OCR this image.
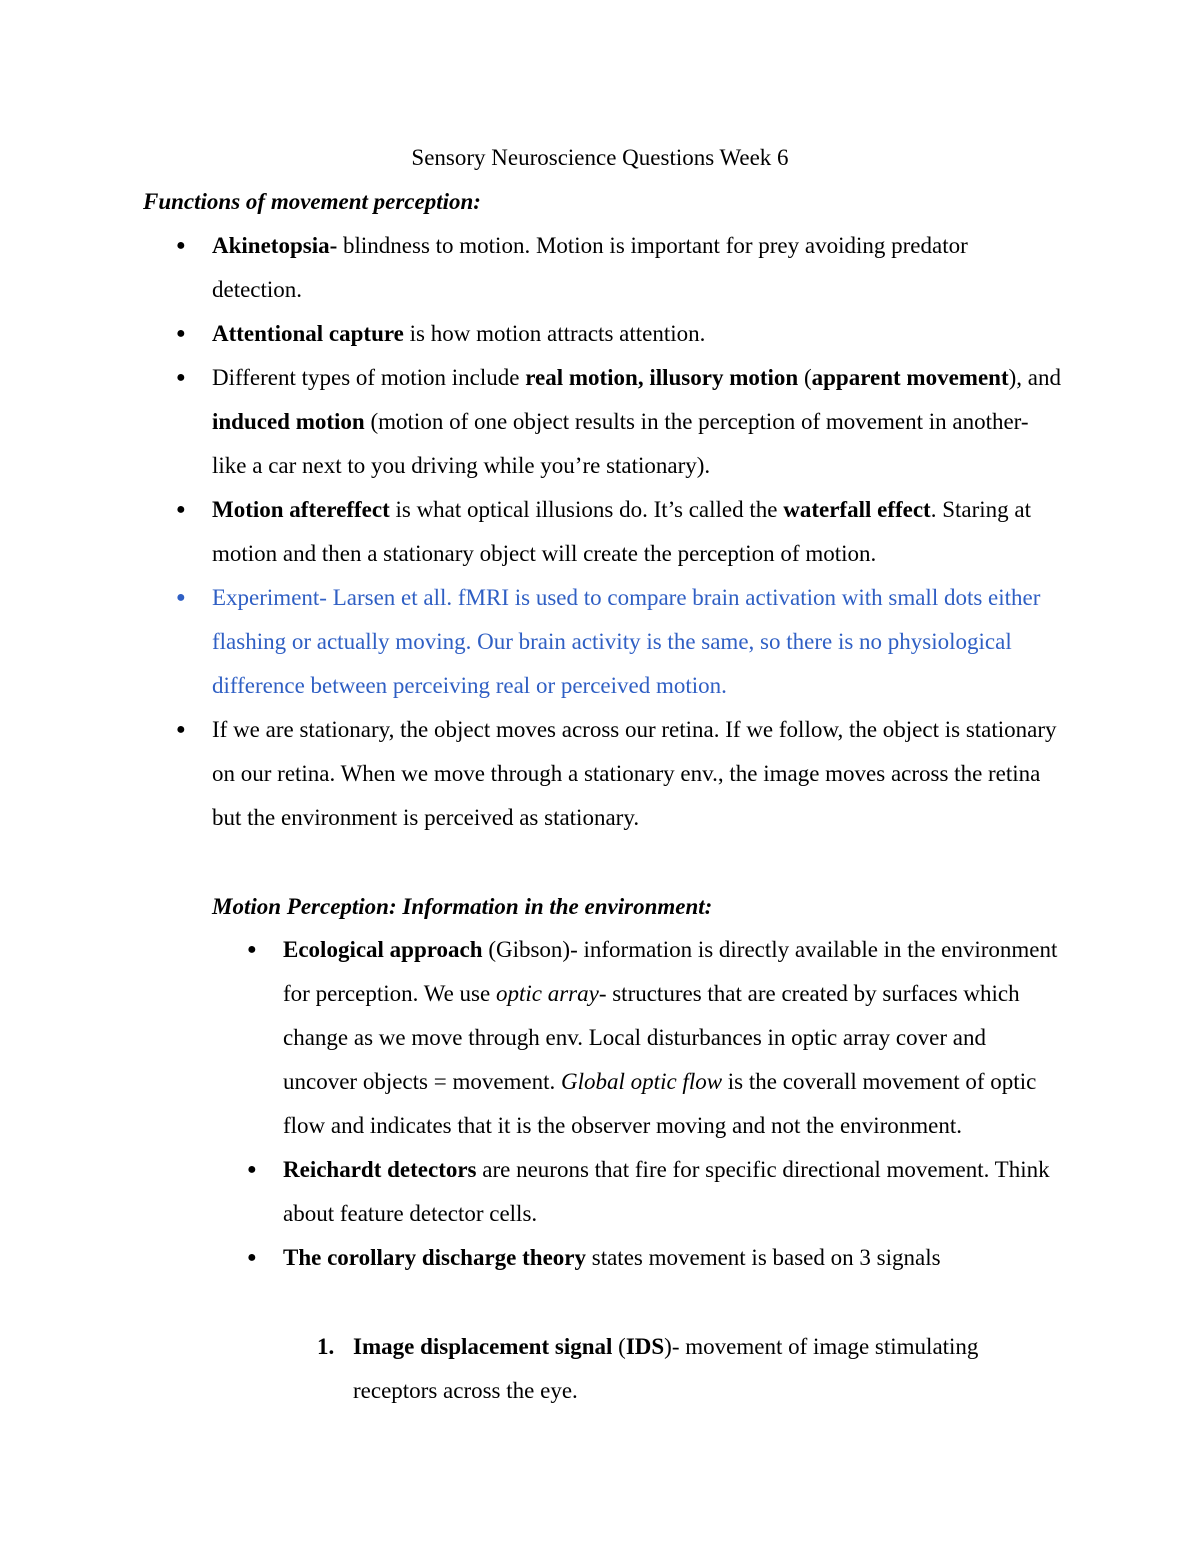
Sensory Neuroscience Questions Week 6
Functions of movement perception:
●	Akinetopsia- blindness to motion. Motion is important for prey avoiding predator detection.
●	Attentional capture is how motion attracts attention.
●	Different types of motion include real motion, illusory motion (apparent movement), and induced motion (motion of one object results in the perception of movement in another- like a car next to you driving while you’re stationary).
●	Motion aftereffect is what optical illusions do. It’s called the waterfall effect. Staring at motion and then a stationary object will create the perception of motion.
●	Experiment- Larsen et all. fMRI is used to compare brain activation with small dots either flashing or actually moving. Our brain activity is the same, so there is no physiological difference between perceiving real or perceived motion.
●	If we are stationary, the object moves across our retina. If we follow, the object is stationary on our retina. When we move through a stationary env., the image moves across the retina but the environment is perceived as stationary.
Motion Perception: Information in the environment:
●	Ecological approach (Gibson)- information is directly available in the environment for perception. We use optic array- structures that are created by surfaces which change as we move through env. Local disturbances in optic array cover and uncover objects = movement. Global optic flow is the coverall movement of optic flow and indicates that it is the observer moving and not the environment.
●	Reichardt detectors are neurons that fire for specific directional movement. Think about feature detector cells.
●	The corollary discharge theory states movement is based on 3 signals
1. Image displacement signal (IDS)- movement of image stimulating receptors across the eye.
